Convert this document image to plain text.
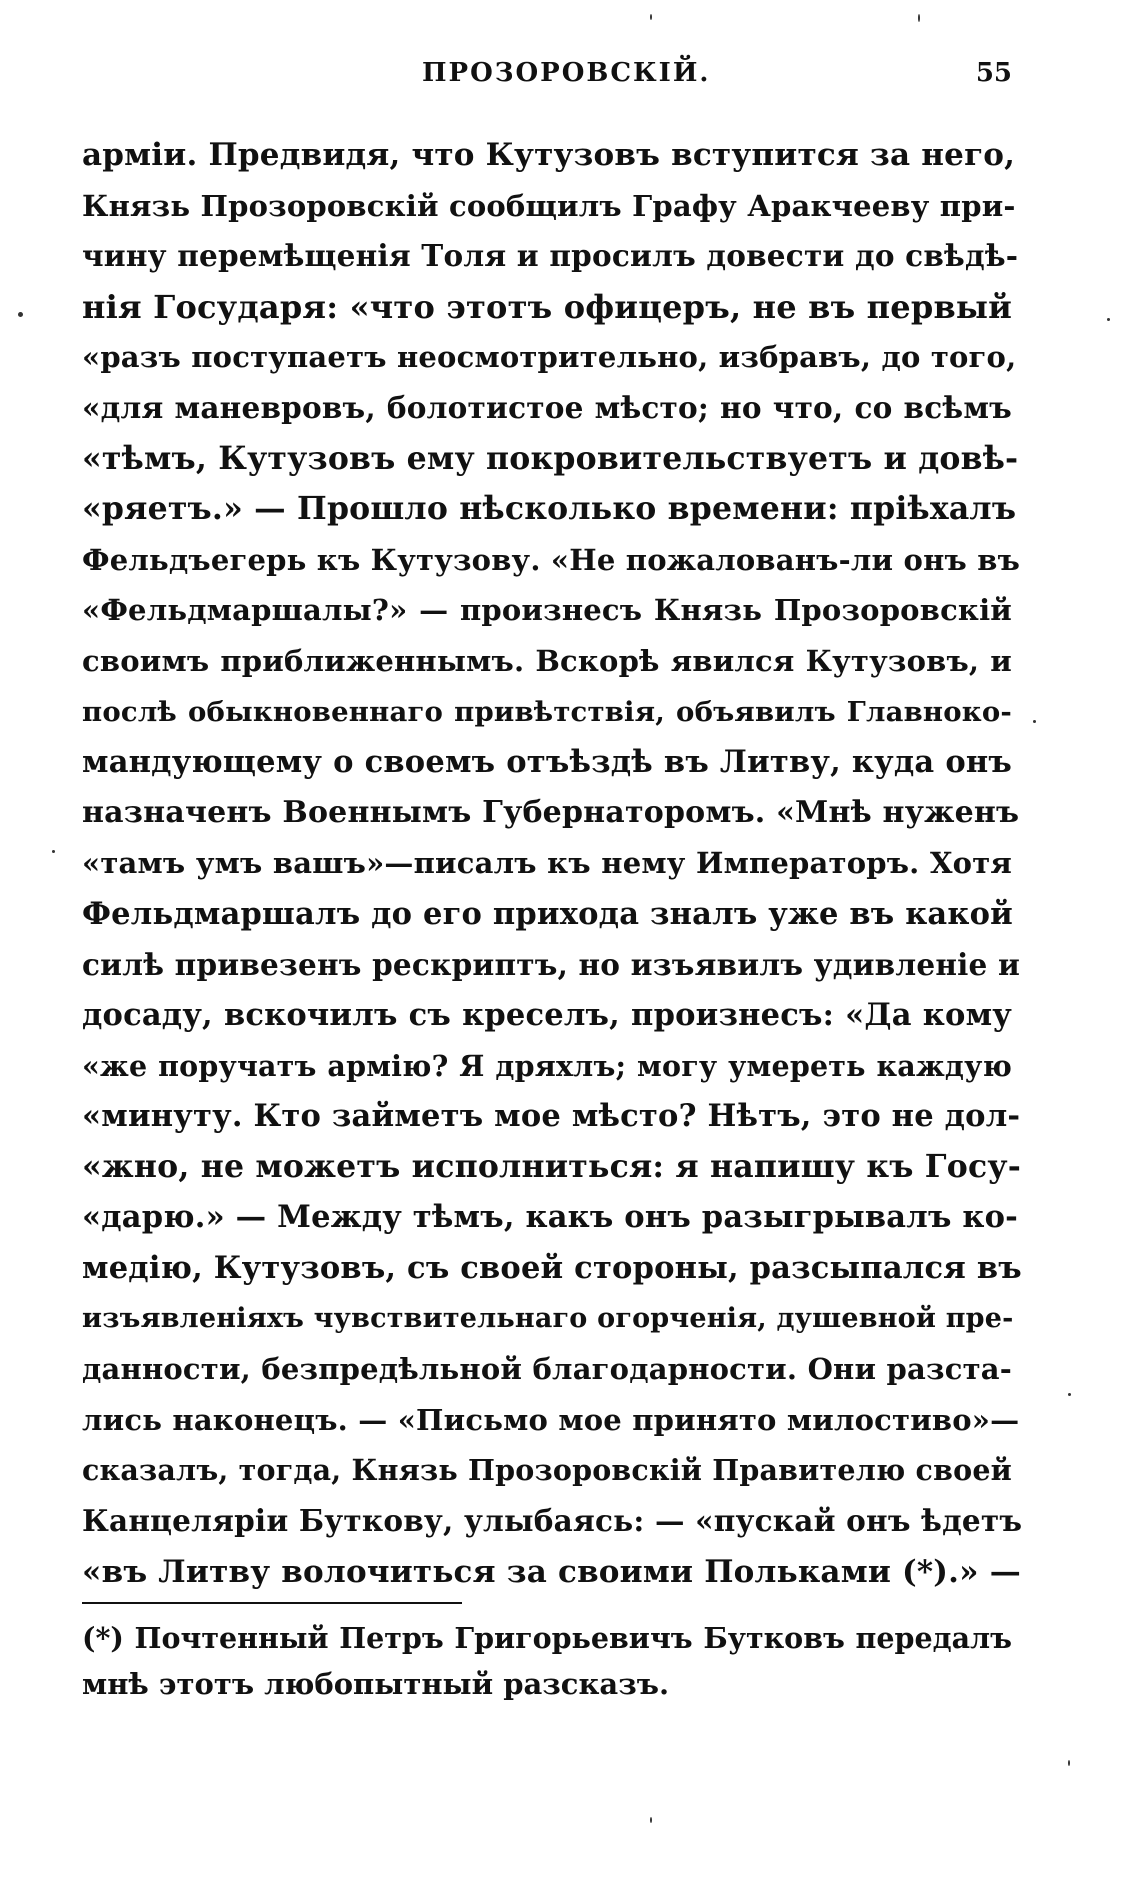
ПРОЗОРОВСКІЙ.	55
арміи. Предвидя, что Кутузовъ вступится за него,
Князь Прозоровскій сообщилъ Графу Аракчееву при-
чину перемѣщенія Толя и просилъ довести до свѣдѣ-
нія Государя: «что этотъ офицеръ, не въ первый
«разъ поступаетъ неосмотрительно, избравъ, до того,
«для маневровъ, болотистое мѣсто; но что, со всѣмъ
«тѣмъ, Кутузовъ ему покровительствуетъ и довѣ-
«ряетъ.» — Прошло нѣсколько времени: пріѣхалъ
Фельдъегерь къ Кутузову. «Не пожалованъ-ли онъ въ
«Фельдмаршалы?» — произнесъ Князь Прозоровскій
своимъ приближеннымъ. Вскорѣ явился Кутузовъ, и
послѣ обыкновеннаго привѣтствія, объявилъ Главноко-
мандующему о своемъ отъѣздѣ въ Литву, куда онъ
назначенъ Военнымъ Губернаторомъ. «Мнѣ нуженъ
«тамъ умъ вашъ»—писалъ къ нему Императоръ. Хотя
Фельдмаршалъ до его прихода зналъ уже въ какой
силѣ привезенъ рескриптъ, но изъявилъ удивленіе и
досаду, вскочилъ съ креселъ, произнесъ: «Да кому
«же поручатъ армію? Я дряхлъ; могу умереть каждую
«минуту. Кто займетъ мое мѣсто? Нѣтъ, это не дол-
«жно, не можетъ исполниться: я напишу къ Госу-
«дарю.» — Между тѣмъ, какъ онъ разыгрывалъ ко-
медію, Кутузовъ, съ своей стороны, разсыпался въ
изъявленіяхъ чувствительнаго огорченія, душевной пре-
данности, безпредѣльной благодарности. Они разста-
лись наконецъ. — «Письмо мое принято милостиво»—
сказалъ, тогда, Князь Прозоровскій Правителю своей
Канцеляріи Буткову, улыбаясь: — «пускай онъ ѣдетъ
«въ Литву волочиться за своими Польками (*).» —
(*) Почтенный Петръ Григорьевичъ Бутковъ передалъ
мнѣ этотъ любопытный разсказъ.
